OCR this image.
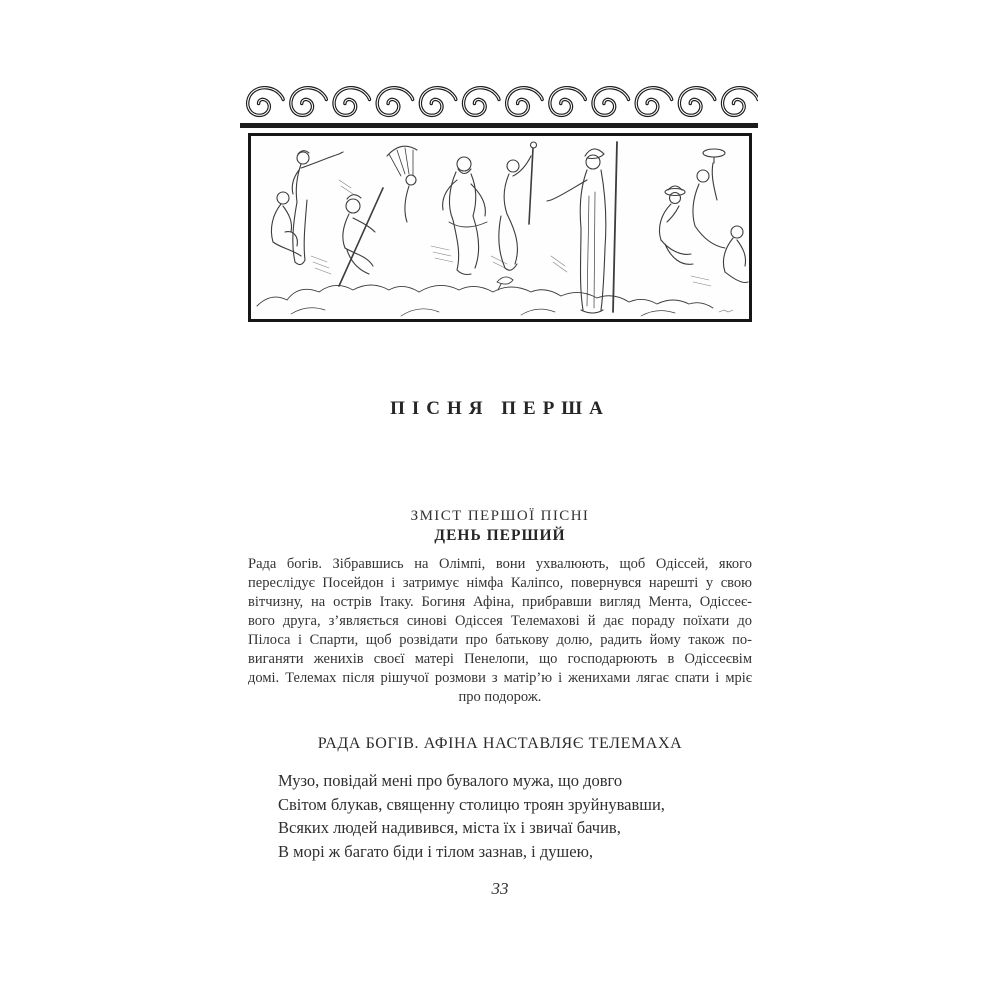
ПІСНЯ ПЕРША
ЗМІСТ ПЕРШОЇ ПІСНІ
ДЕНЬ ПЕРШИЙ
Рада богів. Зібравшись на Олімпі, вони ухвалюють, щоб Одіссей, якого
переслідує Посейдон і затримує німфа Каліпсо, повернувся нарешті у свою
вітчизну, на острів Ітаку. Богиня Афіна, прибравши вигляд Мента, Одіссеє-
вого друга, з’являється синові Одіссея Телемахові й дає пораду поїхати до
Пілоса і Спарти, щоб розвідати про батькову долю, радить йому також по-
виганяти женихів своєї матері Пенелопи, що господарюють в Одіссеєвім
домі. Телемах після рішучої розмови з матір’ю і женихами лягає спати і мріє
про подорож.
РАДА БОГІВ. АФІНА НАСТАВЛЯЄ ТЕЛЕМАХА
Музо, повідай мені про бувалого мужа, що довго
Світом блукав, священну столицю троян зруйнувавши,
Всяких людей надивився, міста їх і звичаї бачив,
В морі ж багато біди і тілом зазнав, і душею,
33
